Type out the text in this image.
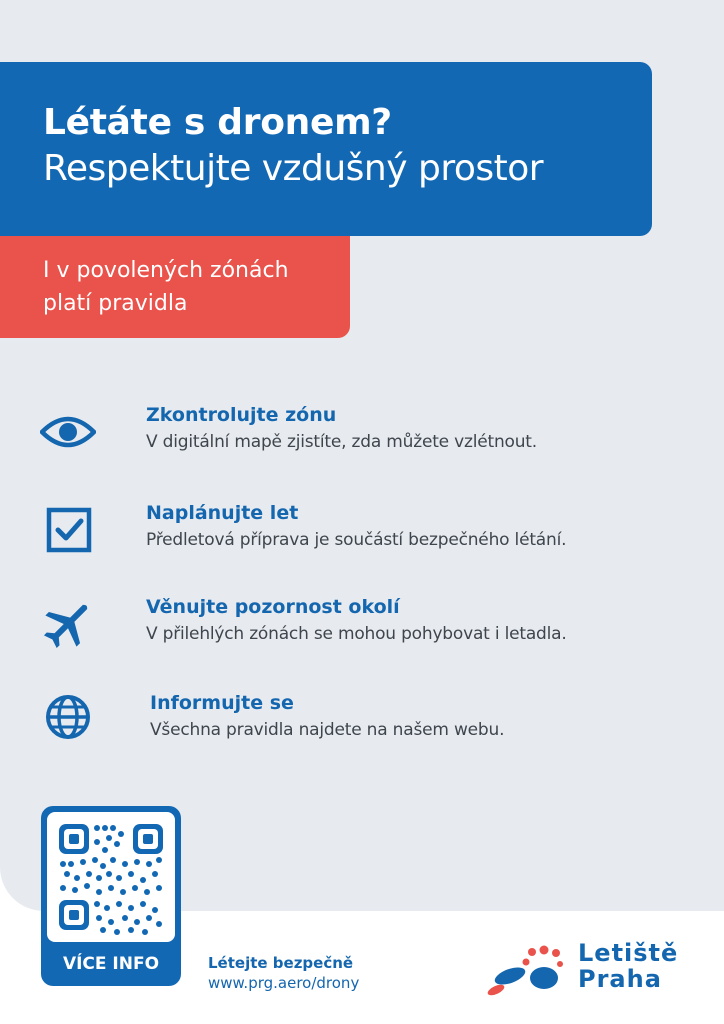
Létáte s dronem?
Respektujte vzdušný prostor
I v povolených zónách
platí pravidla
Zkontrolujte zónu
V digitální mapě zjistíte, zda můžete vzlétnout.
Naplánujte let
Předletová příprava je součástí bezpečného létání.
Věnujte pozornost okolí
V přilehlých zónách se mohou pohybovat i letadla.
Informujte se
Všechna pravidla najdete na našem webu.
VÍCE INFO	Létejte bezpečně
www.prg.aero/drony
Letiště
Praha
